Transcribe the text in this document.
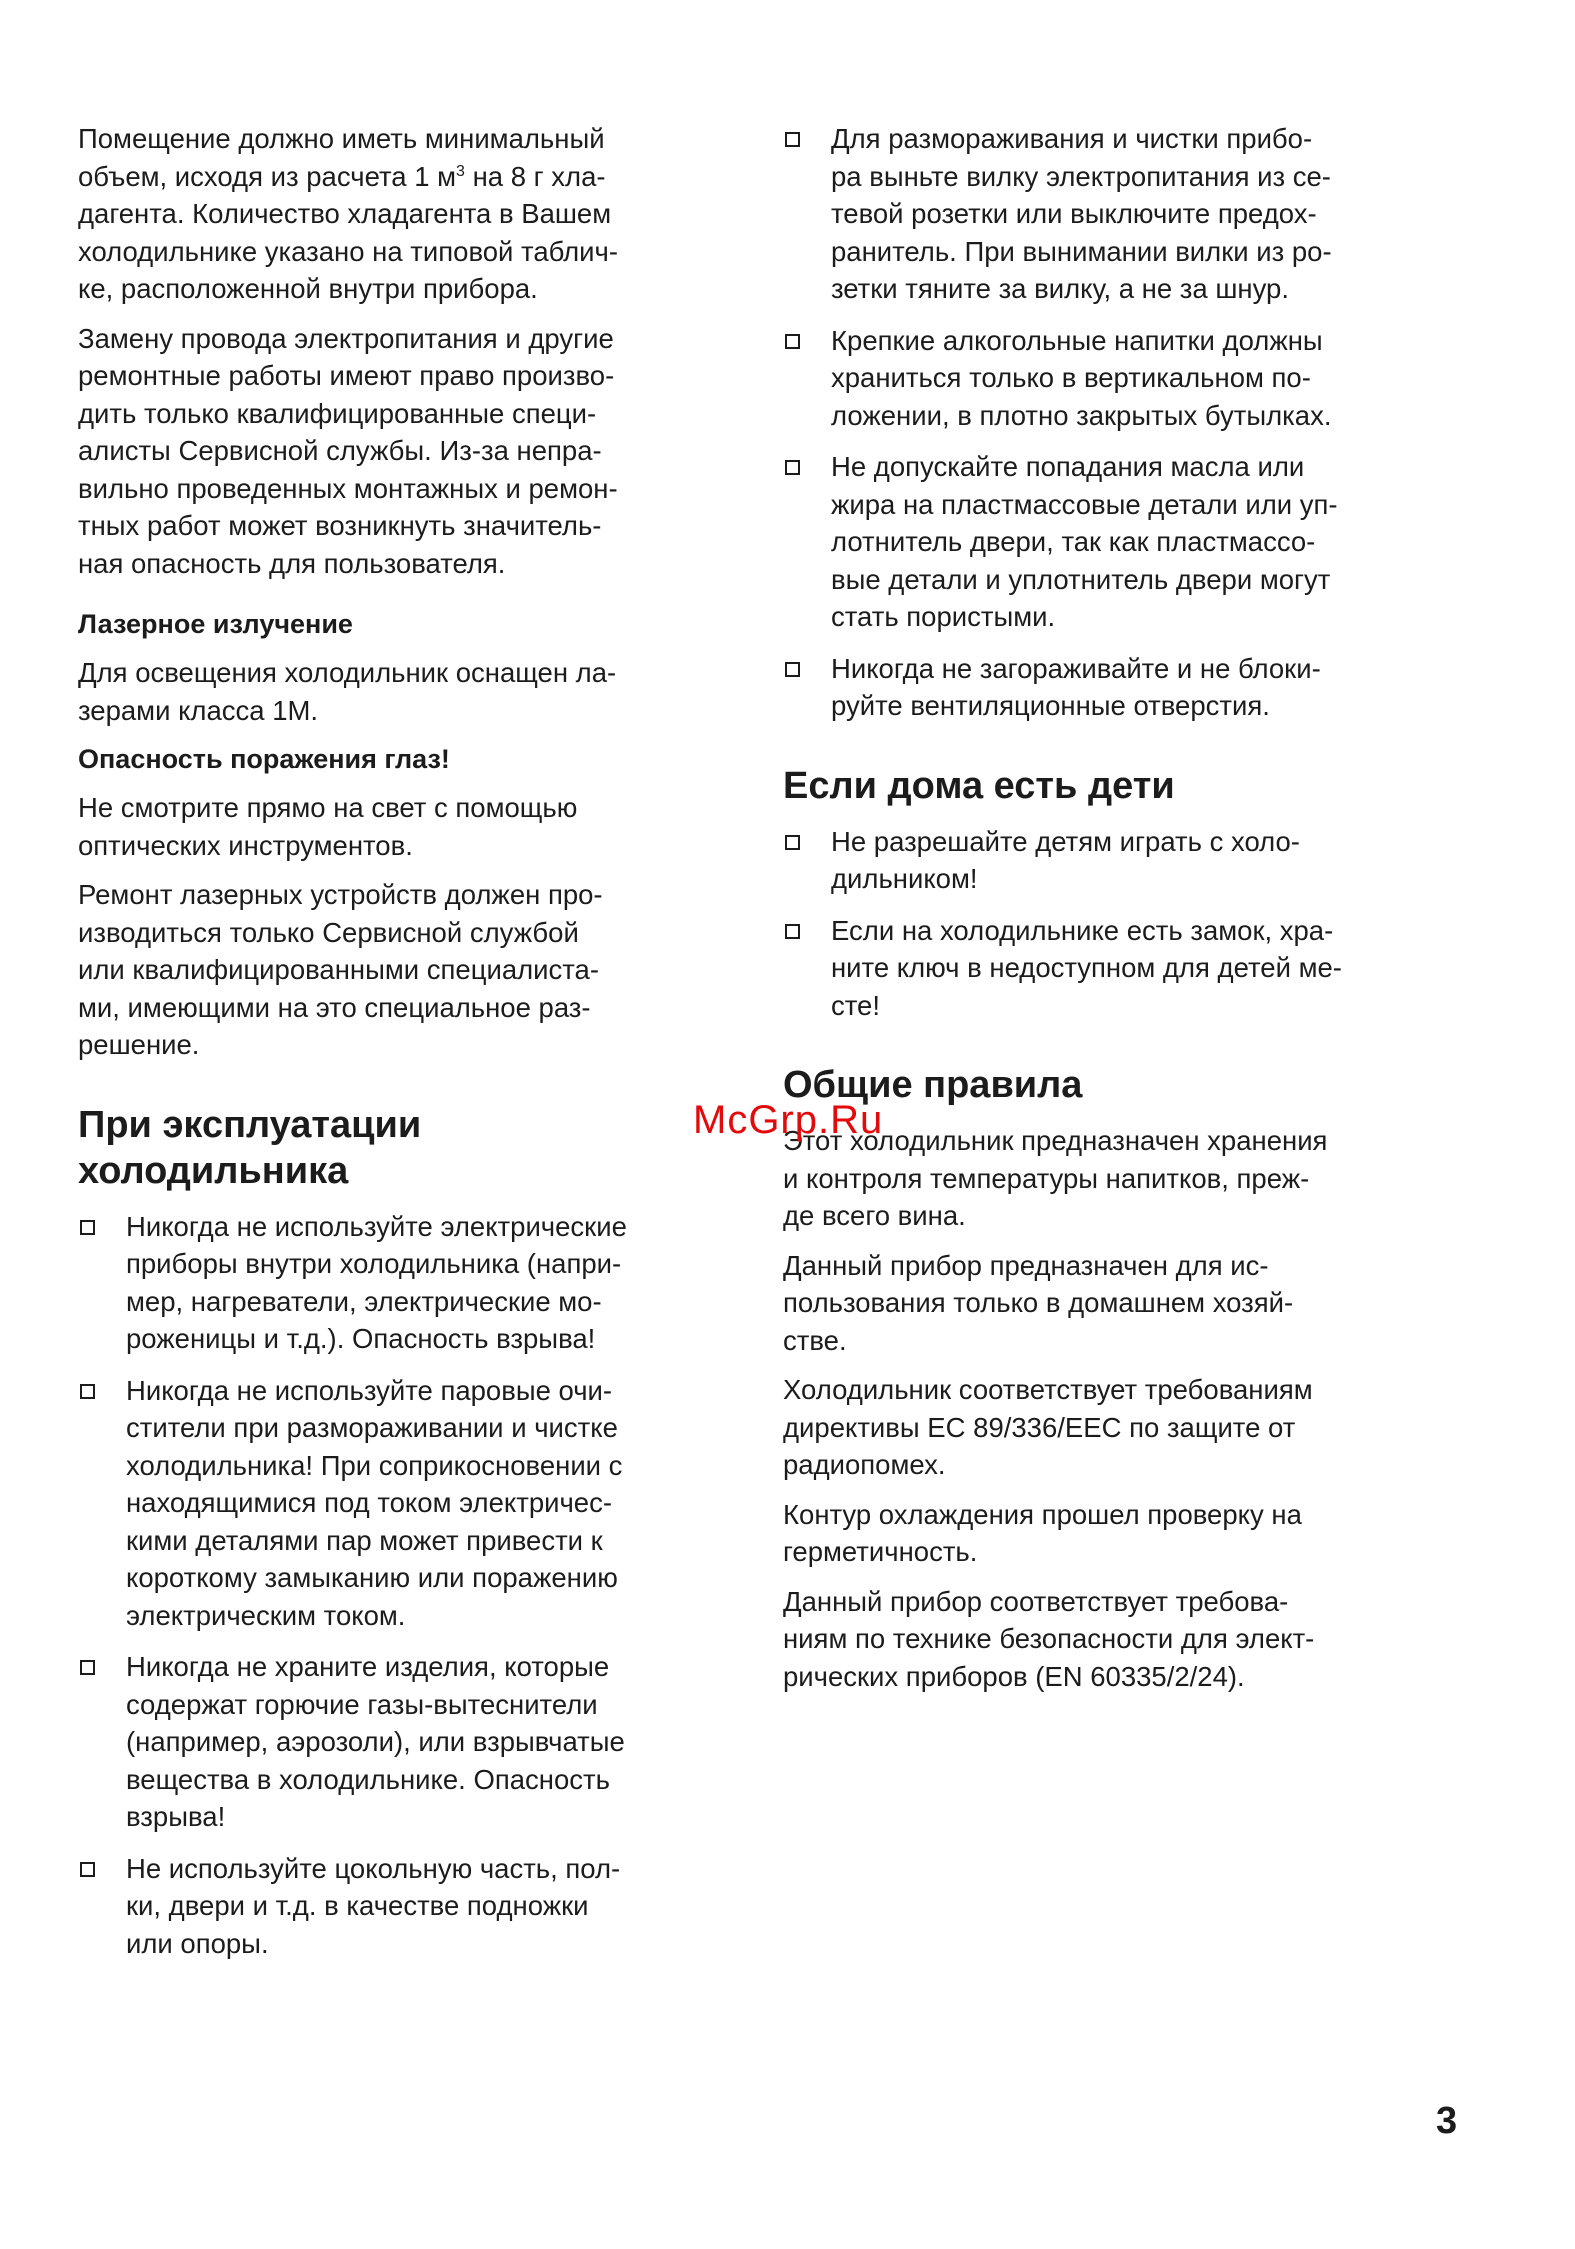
Помещение должно иметь минимальный
объем, исходя из расчета 1 $м^3$ на 8 г хла-
дагента. Количество хладагента в Вашем
холодильнике указано на типовой таблич-
ке, расположенной внутри прибора.

Замену провода электропитания и другие
ремонтные работы имеют право произво-
дить только квалифицированные специ-
алисты Сервисной службы. Из-за непра-
вильно проведенных монтажных и ремон-
тных работ может возникнуть значитель-
ная опасность для пользователя.

Лазерное излучение

Для освещения холодильник оснащен ла-
зерами класса 1М.

Опасность поражения глаз!

Не смотрите прямо на свет с помощью
оптических инструментов.

Ремонт лазерных устройств должен про-
изводиться только Сервисной службой
или квалифицированными специалиста-
ми, имеющими на это специальное раз-
решение.

При эксплуатации
холодильника
Никогда не используйте электрические
приборы внутри холодильника (напри-
мер, нагреватели, электрические мо-
роженицы и т.д.). Опасность взрыва!
Никогда не используйте паровые очи-
стители при размораживании и чистке
холодильника! При соприкосновении с
находящимися под током электричес-
кими деталями пар может привести к
короткому замыканию или поражению
электрическим током.
Никогда не храните изделия, которые
содержат горючие газы-вытеснители
(например, аэрозоли), или взрывчатые
вещества в холодильнике. Опасность
взрыва!
Не используйте цокольную часть, пол-
ки, двери и т.д. в качестве подножки
или опоры.
Для размораживания и чистки прибо-
ра выньте вилку электропитания из се-
тевой розетки или выключите предох-
ранитель. При вынимании вилки из ро-
зетки тяните за вилку, а не за шнур.
Крепкие алкогольные напитки должны
храниться только в вертикальном по-
ложении, в плотно закрытых бутылках.
Не допускайте попадания масла или
жира на пластмассовые детали или уп-
лотнитель двери, так как пластмассо-
вые детали и уплотнитель двери могут
стать пористыми.
Никогда не загораживайте и не блоки-
руйте вентиляционные отверстия.
Если дома есть дети
Не разрешайте детям играть с холо-
дильником!
Если на холодильнике есть замок, хра-
ните ключ в недоступном для детей ме-
сте!
Общие правила

Этот холодильник предназначен хранения
и контроля температуры напитков, преж-
де всего вина.

Данный прибор предназначен для ис-
пользования только в домашнем хозяй-
стве.

Холодильник соответствует требованиям
директивы ЕС 89/336/ЕЕС по защите от
радиопомех.

Контур охлаждения прошел проверку на
герметичность.

Данный прибор соответствует требова-
ниям по технике безопасности для элект-
рических приборов (EN 60335/2/24).

McGrp.Ru
3
